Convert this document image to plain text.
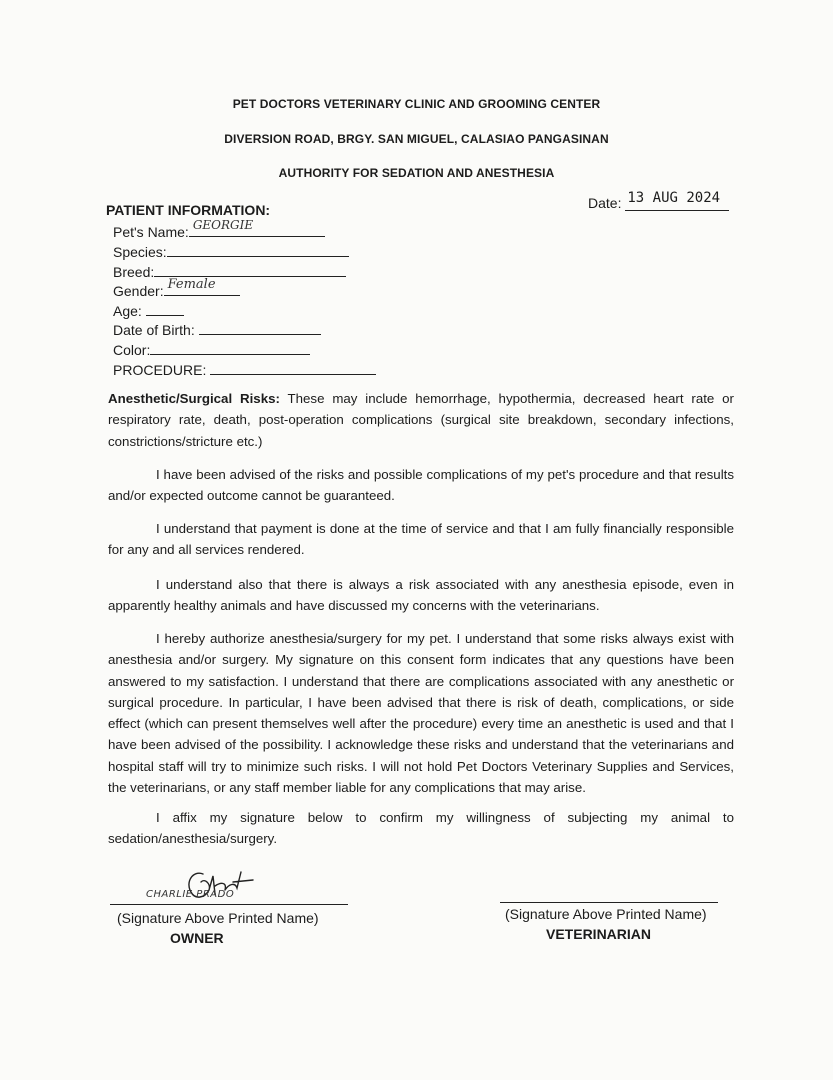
PET DOCTORS VETERINARY CLINIC AND GROOMING CENTER
DIVERSION ROAD, BRGY. SAN MIGUEL, CALASIAO PANGASINAN
AUTHORITY FOR SEDATION AND ANESTHESIA
Date: 13 AUG 2024
PATIENT INFORMATION:
Pet's Name: GEORGIE
Species:
Breed:
Gender: Female
Age:
Date of Birth:
Color:
PROCEDURE:
Anesthetic/Surgical Risks: These may include hemorrhage, hypothermia, decreased heart rate or respiratory rate, death, post-operation complications (surgical site breakdown, secondary infections, constrictions/stricture etc.)
I have been advised of the risks and possible complications of my pet's procedure and that results and/or expected outcome cannot be guaranteed.
I understand that payment is done at the time of service and that I am fully financially responsible for any and all services rendered.
I understand also that there is always a risk associated with any anesthesia episode, even in apparently healthy animals and have discussed my concerns with the veterinarians.
I hereby authorize anesthesia/surgery for my pet. I understand that some risks always exist with anesthesia and/or surgery. My signature on this consent form indicates that any questions have been answered to my satisfaction. I understand that there are complications associated with any anesthetic or surgical procedure. In particular, I have been advised that there is risk of death, complications, or side effect (which can present themselves well after the procedure) every time an anesthetic is used and that I have been advised of the possibility. I acknowledge these risks and understand that the veterinarians and hospital staff will try to minimize such risks. I will not hold Pet Doctors Veterinary Supplies and Services, the veterinarians, or any staff member liable for any complications that may arise.
I affix my signature below to confirm my willingness of subjecting my animal to sedation/anesthesia/surgery.
CHARLIE PRADO
(Signature Above Printed Name)
OWNER
(Signature Above Printed Name)
VETERINARIAN
